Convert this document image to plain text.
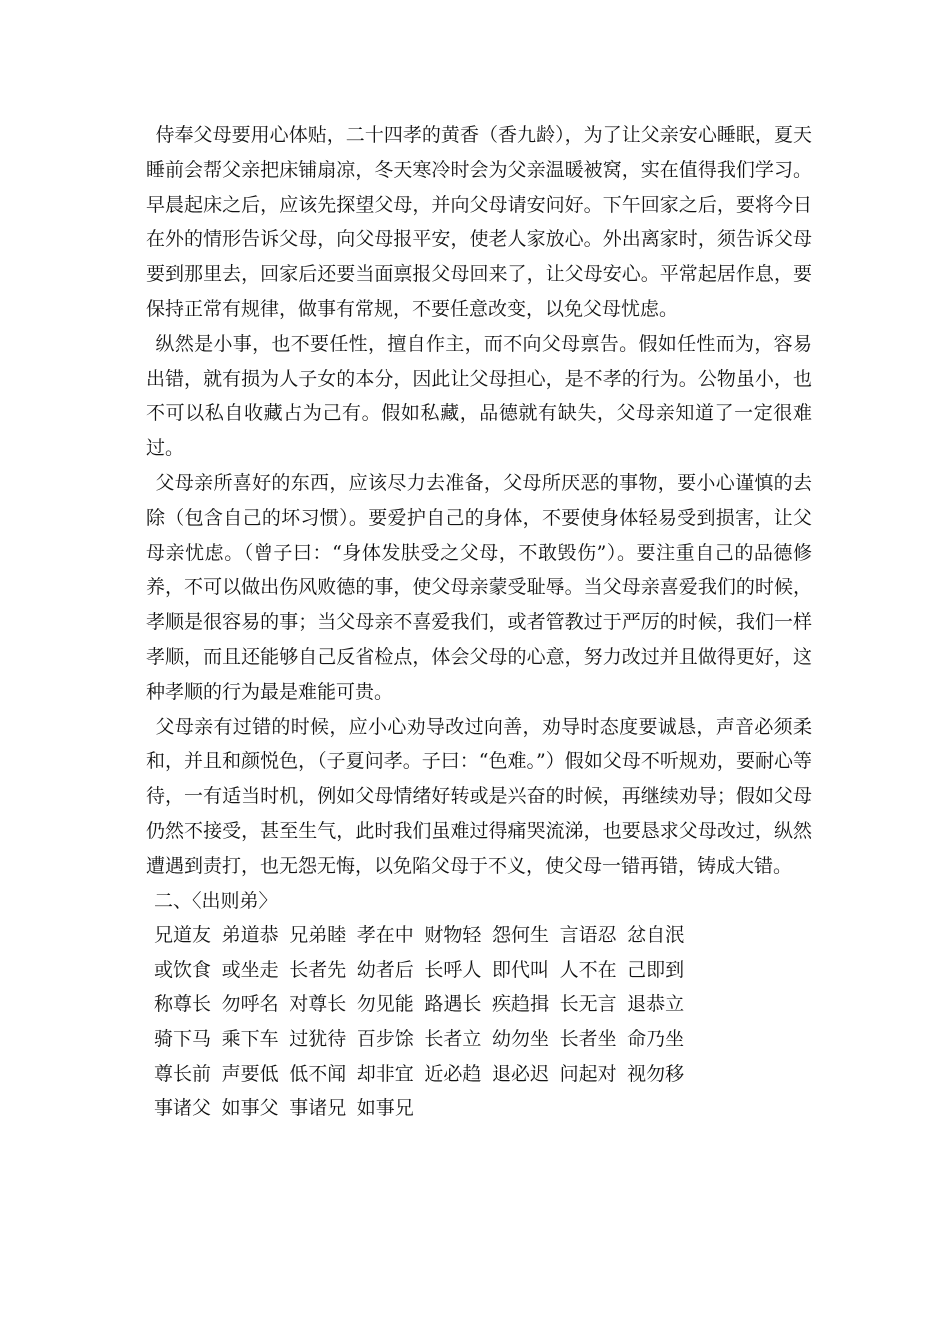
侍奉父母要用心体贴，二十四孝的黄香（香九龄），为了让父亲安心睡眠，夏天睡前会帮父亲把床铺扇凉，冬天寒冷时会为父亲温暖被窝，实在值得我们学习。早晨起床之后，应该先探望父母，并向父母请安问好。下午回家之后，要将今日在外的情形告诉父母，向父母报平安，使老人家放心。外出离家时，须告诉父母要到那里去，回家后还要当面禀报父母回来了，让父母安心。平常起居作息，要保持正常有规律，做事有常规，不要任意改变，以免父母忧虑。

纵然是小事，也不要任性，擅自作主，而不向父母禀告。假如任性而为，容易出错，就有损为人子女的本分，因此让父母担心，是不孝的行为。公物虽小，也不可以私自收藏占为己有。假如私藏，品德就有缺失，父母亲知道了一定很难过。

父母亲所喜好的东西，应该尽力去准备，父母所厌恶的事物，要小心谨慎的去除（包含自己的坏习惯）。要爱护自己的身体，不要使身体轻易受到损害，让父母亲忧虑。（曾子曰：“身体发肤受之父母，不敢毁伤”）。要注重自己的品德修养，不可以做出伤风败德的事，使父母亲蒙受耻辱。当父母亲喜爱我们的时候，孝顺是很容易的事；当父母亲不喜爱我们，或者管教过于严厉的时候，我们一样孝顺，而且还能够自己反省检点，体会父母的心意，努力改过并且做得更好，这种孝顺的行为最是难能可贵。

父母亲有过错的时候，应小心劝导改过向善，劝导时态度要诚恳，声音必须柔和，并且和颜悦色，（子夏问孝。子曰：“色难。”）假如父母不听规劝，要耐心等待，一有适当时机，例如父母情绪好转或是兴奋的时候，再继续劝导；假如父母仍然不接受，甚至生气，此时我们虽难过得痛哭流涕，也要恳求父母改过，纵然遭遇到责打，也无怨无悔，以免陷父母于不义，使父母一错再错，铸成大错。

二、〈出则弟〉

兄道友 弟道恭 兄弟睦 孝在中 财物轻 怨何生 言语忍 忿自泯
或饮食 或坐走 长者先 幼者后 长呼人 即代叫 人不在 己即到
称尊长 勿呼名 对尊长 勿见能 路遇长 疾趋揖 长无言 退恭立
骑下马 乘下车 过犹待 百步馀 长者立 幼勿坐 长者坐 命乃坐
尊长前 声要低 低不闻 却非宜 近必趋 退必迟 问起对 视勿移
事诸父 如事父 事诸兄 如事兄
